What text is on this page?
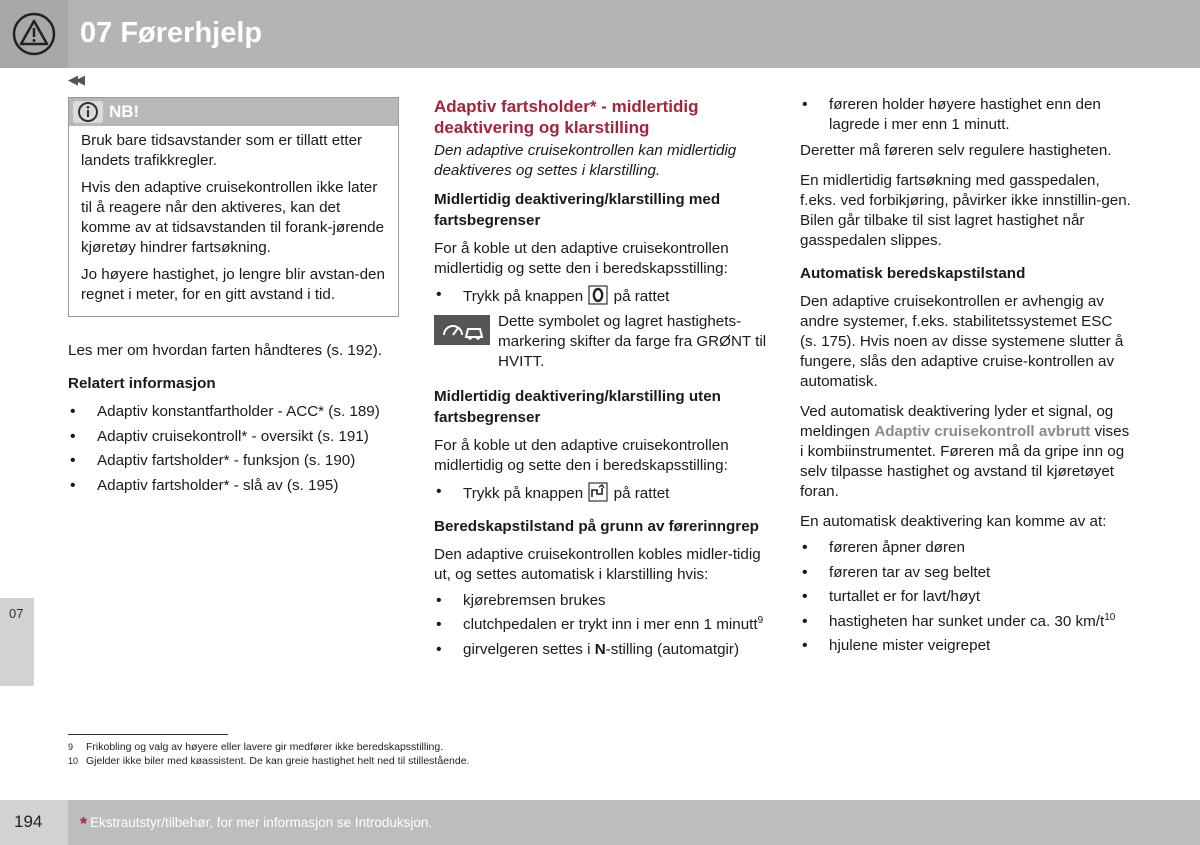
07 Førerhjelp
◀◀
07
NB!

Bruk bare tidsavstander som er tillatt etter landets trafikkregler.

Hvis den adaptive cruisekontrollen ikke later til å reagere når den aktiveres, kan det komme av at tidsavstanden til forank-jørende kjøretøy hindrer fartsøkning.

Jo høyere hastighet, jo lengre blir avstan-den regnet i meter, for en gitt avstand i tid.

Les mer om hvordan farten håndteres (s. 192).

Relatert informasjon

• Adaptiv konstantfartholder - ACC* (s. 189)
• Adaptiv cruisekontroll* - oversikt (s. 191)
• Adaptiv fartsholder* - funksjon (s. 190)
• Adaptiv fartsholder* - slå av (s. 195)
Adaptiv fartsholder* - midlertidig deaktivering og klarstilling

Den adaptive cruisekontrollen kan midlertidig deaktiveres og settes i klarstilling.

Midlertidig deaktivering/klarstilling med fartsbegrenser

For å koble ut den adaptive cruisekontrollen midlertidig og sette den i beredskapsstilling:

• Trykk på knappen på rattet
Dette symbolet og lagret hastighets-markering skifter da farge fra GRØNT til HVITT.

Midlertidig deaktivering/klarstilling uten fartsbegrenser

For å koble ut den adaptive cruisekontrollen midlertidig og sette den i beredskapsstilling:

• Trykk på knappen på rattet

Beredskapstilstand på grunn av førerinngrep

Den adaptive cruisekontrollen kobles midler-tidig ut, og settes automatisk i klarstilling hvis:

• kjørebremsen brukes
• clutchpedalen er trykt inn i mer enn 1 minutt$^9$
• girvelgeren settes i N-stilling (automatgir)
• føreren holder høyere hastighet enn den lagrede i mer enn 1 minutt.

Deretter må føreren selv regulere hastigheten.

En midlertidig fartsøkning med gasspedalen, f.eks. ved forbikjøring, påvirker ikke innstillin-gen. Bilen går tilbake til sist lagret hastighet når gasspedalen slippes.

Automatisk beredskapstilstand

Den adaptive cruisekontrollen er avhengig av andre systemer, f.eks. stabilitetssystemet ESC (s. 175). Hvis noen av disse systemene slutter å fungere, slås den adaptive cruise-kontrollen av automatisk.

Ved automatisk deaktivering lyder et signal, og meldingen Adaptiv cruisekontroll avbrutt vises i kombiinstrumentet. Føreren må da gripe inn og selv tilpasse hastighet og avstand til kjøretøyet foran.

En automatisk deaktivering kan komme av at:

• føreren åpner døren
• føreren tar av seg beltet
• turtallet er for lavt/høyt
• hastigheten har sunket under ca. 30 $km/t^{10}$
• hjulene mister veigrepet
9 Frikobling og valg av høyere eller lavere gir medfører ikke beredskapsstilling.
10 Gjelder ikke biler med køassistent. De kan greie hastighet helt ned til stillestående.
194 * Ekstrautstyr/tilbehør, for mer informasjon se Introduksjon.
